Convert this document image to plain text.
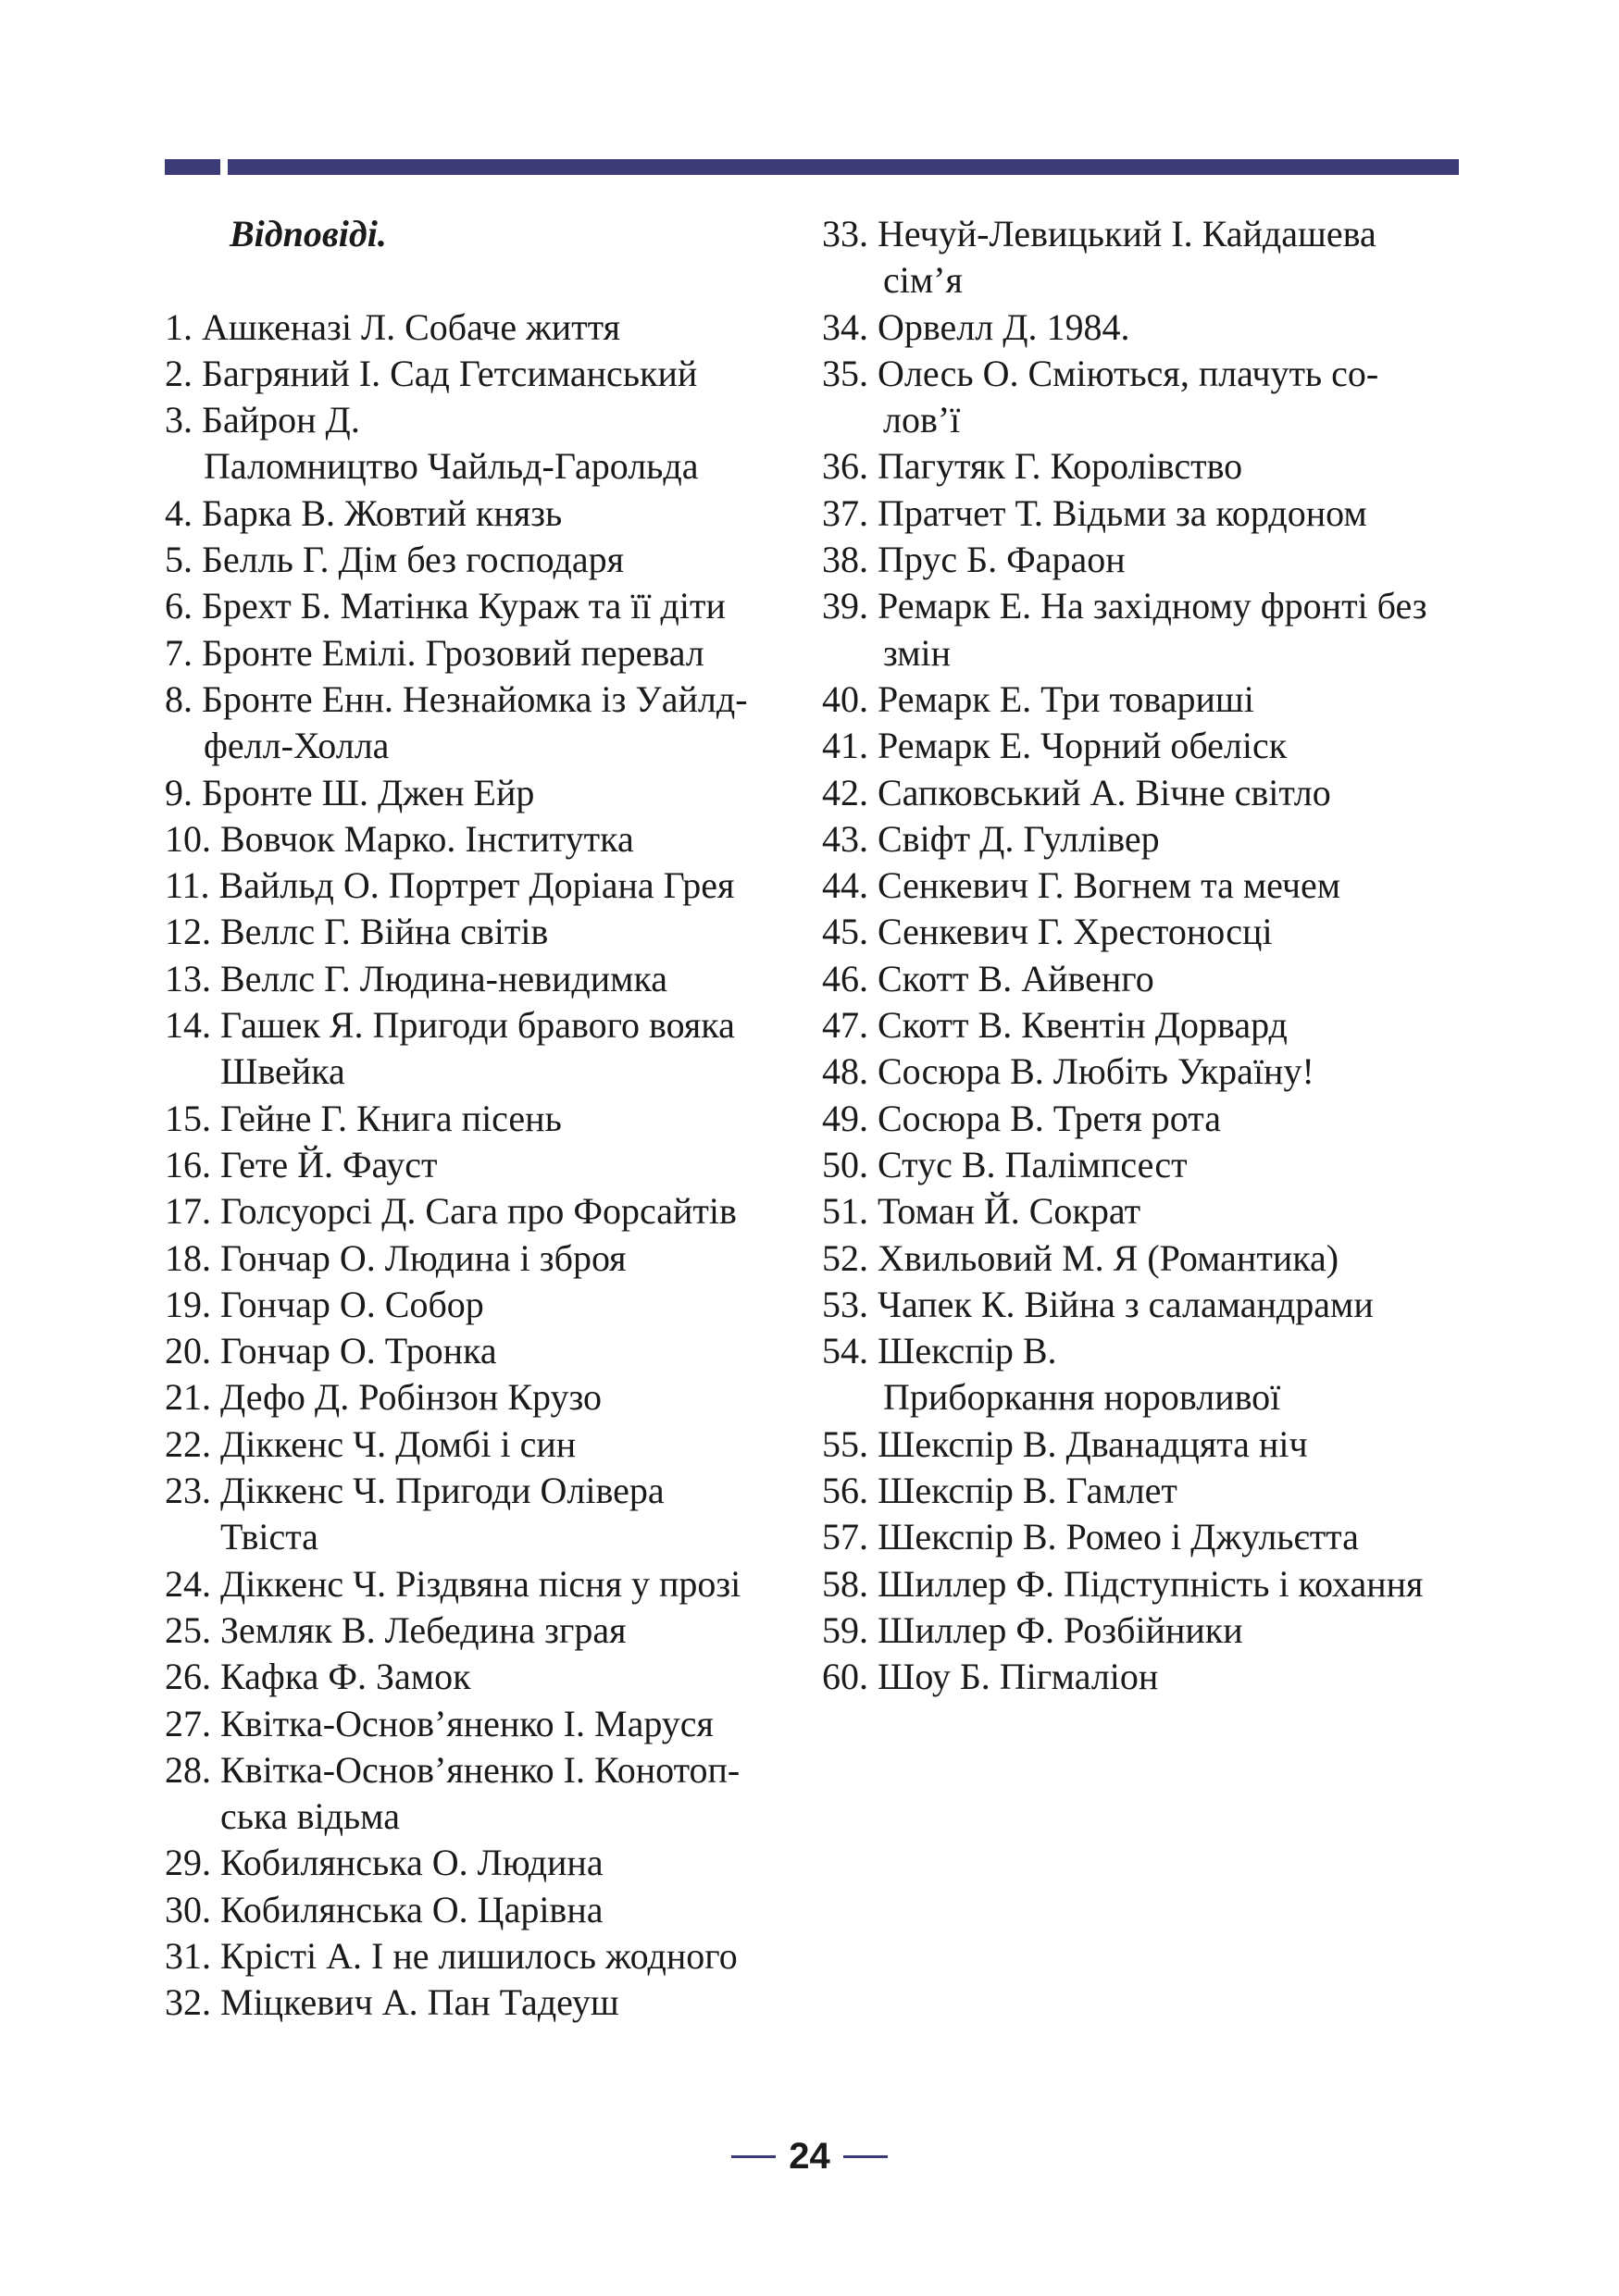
Відповіді.
1. Ашкеназі Л. Собаче життя
2. Багряний І. Сад Гетсиманський
3. Байрон Д.
Паломництво Чайльд-Гарольда
4. Барка В. Жовтий князь
5. Белль Г. Дім без господаря
6. Брехт Б. Матінка Кураж та її діти
7. Бронте Емілі. Грозовий перевал
8. Бронте Енн. Незнайомка із Уайлд-
фелл-Холла
9. Бронте Ш. Джен Ейр
10. Вовчок Марко. Інститутка
11. Вайльд О. Портрет Доріана Грея
12. Веллс Г. Війна світів
13. Веллс Г. Людина-невидимка
14. Гашек Я. Пригоди бравого вояка
Швейка
15. Гейне Г. Книга пісень
16. Гете Й. Фауст
17. Голсуорсі Д. Сага про Форсайтів
18. Гончар О. Людина і зброя
19. Гончар О. Собор
20. Гончар О. Тронка
21. Дефо Д. Робінзон Крузо
22. Діккенс Ч. Домбі і син
23. Діккенс Ч. Пригоди Олівера
Твіста
24. Діккенс Ч. Різдвяна пісня у прозі
25. Земляк В. Лебедина зграя
26. Кафка Ф. Замок
27. Квітка-Основ’яненко І. Маруся
28. Квітка-Основ’яненко І. Конотоп-
ська відьма
29. Кобилянська О. Людина
30. Кобилянська О. Царівна
31. Крісті А. І не лишилось жодного
32. Міцкевич А. Пан Тадеуш
33. Нечуй-Левицький І. Кайдашева
сім’я
34. Орвелл Д. 1984.
35. Олесь О. Сміються, плачуть со-
лов’ї
36. Пагутяк Г. Королівство
37. Пратчет Т. Відьми за кордоном
38. Прус Б. Фараон
39. Ремарк Е. На західному фронті без
змін
40. Ремарк Е. Три товариші
41. Ремарк Е. Чорний обеліск
42. Сапковський А. Вічне світло
43. Свіфт Д. Гуллівер
44. Сенкевич Г. Вогнем та мечем
45. Сенкевич Г. Хрестоносці
46. Скотт В. Айвенго
47. Скотт В. Квентін Дорвард
48. Сосюра В. Любіть Україну!
49. Сосюра В. Третя рота
50. Стус В. Палімпсест
51. Томан Й. Сократ
52. Хвильовий М. Я (Романтика)
53. Чапек К. Війна з саламандрами
54. Шекспір В.
Приборкання норовливої
55. Шекспір В. Дванадцята ніч
56. Шекспір В. Гамлет
57. Шекспір В. Ромео і Джульєтта
58. Шиллер Ф. Підступність і кохання
59. Шиллер Ф. Розбійники
60. Шоу Б. Пігмаліон
24
